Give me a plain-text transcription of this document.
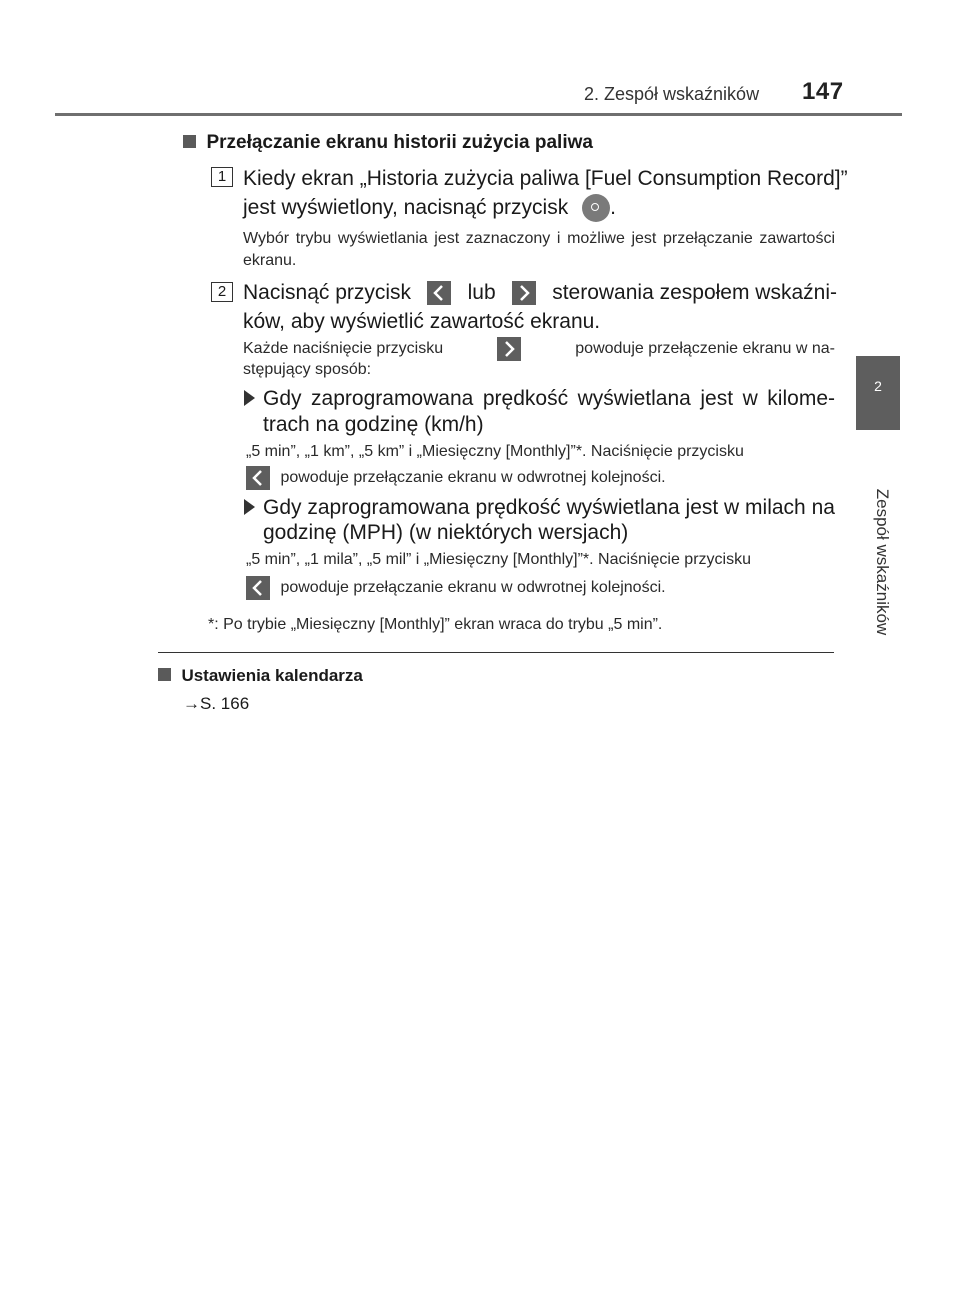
2. Zespół wskaźników 147
2
Zespół wskaźników
Przełączanie ekranu historii zużycia paliwa
1 Kiedy ekran „Historia zużycia paliwa [Fuel Consumption Record]”
jest wyświetlony, nacisnąć przycisk .
Wybór trybu wyświetlania jest zaznaczony i możliwe jest przełączanie zawartości ekranu.
2 Nacisnąć przycisk	lub	sterowania zespołem wskaźni-
ków, aby wyświetlić zawartość ekranu.
Każde naciśnięcie przycisku	powoduje przełączenie ekranu w na-
stępujący sposób:
Gdy zaprogramowana prędkość wyświetlana jest w kilome-
trach na godzinę (km/h)
„5 min”, „1 km”, „5 km” i „Miesięczny [Monthly]”*. Naciśnięcie przycisku
powoduje przełączanie ekranu w odwrotnej kolejności.
Gdy zaprogramowana prędkość wyświetlana jest w milach na
godzinę (MPH) (w niektórych wersjach)
„5 min”, „1 mila”, „5 mil” i „Miesięczny [Monthly]”*. Naciśnięcie przycisku
powoduje przełączanie ekranu w odwrotnej kolejności.
*: Po trybie „Miesięczny [Monthly]” ekran wraca do trybu „5 min”.
Ustawienia kalendarza
→S. 166
